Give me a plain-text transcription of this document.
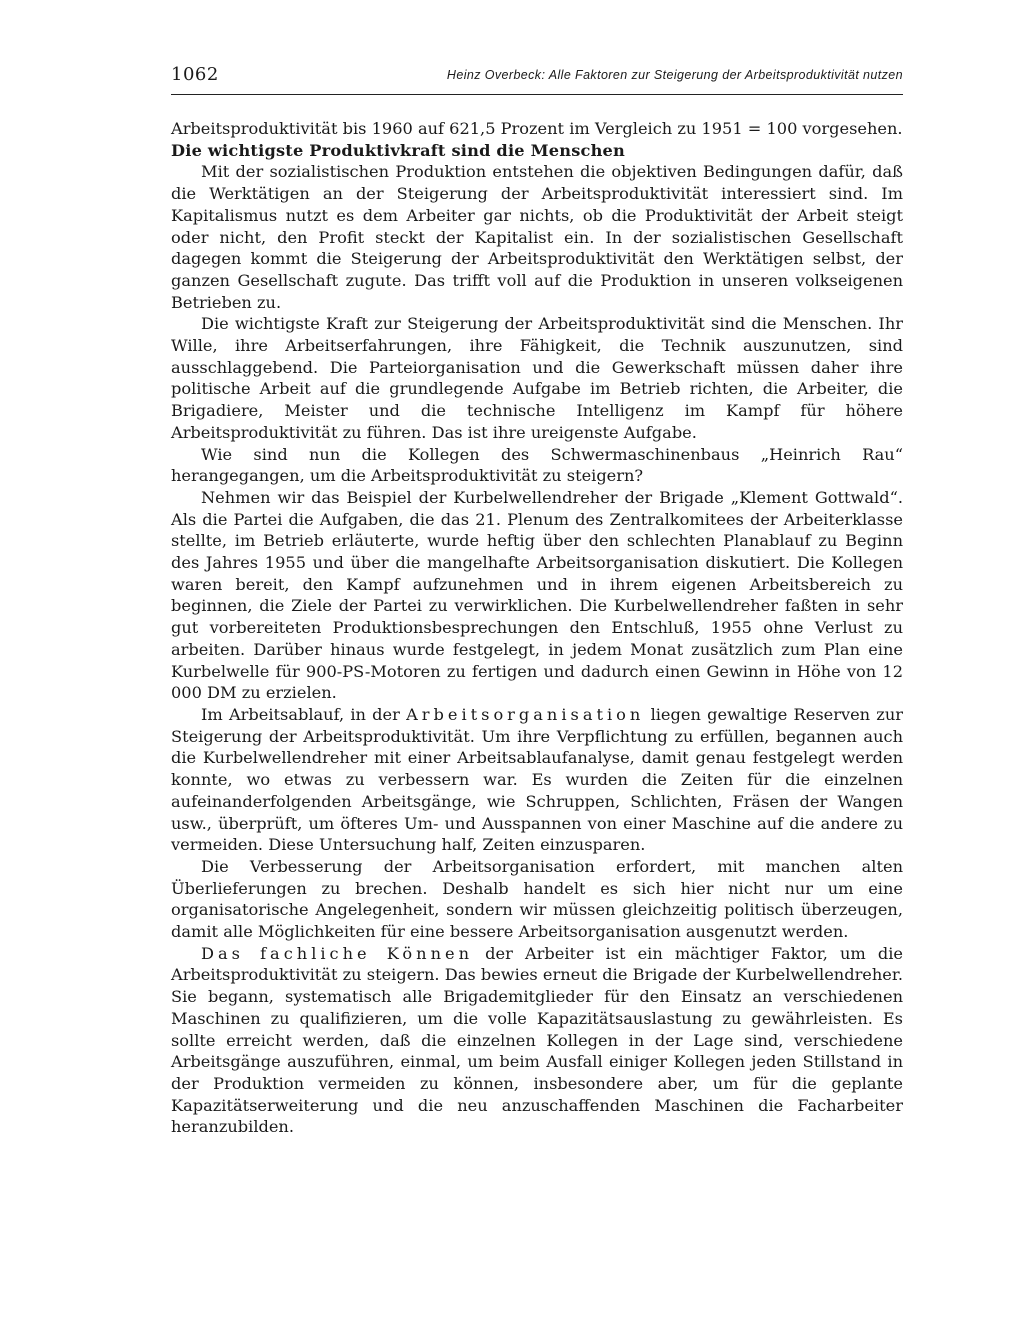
1062	Heinz Overbeck: Alle Faktoren zur Steigerung der Arbeitsproduktivität nutzen

Arbeitsproduktivität bis 1960 auf 621,5 Prozent im Vergleich zu 1951 = 100 vorgesehen.

Die wichtigste Produktivkraft sind die Menschen

Mit der sozialistischen Produktion entstehen die objektiven Bedingungen dafür, daß die Werktätigen an der Steigerung der Arbeitsproduktivität interessiert sind. Im Kapitalismus nutzt es dem Arbeiter gar nichts, ob die Produktivität der Arbeit steigt oder nicht, den Profit steckt der Kapitalist ein. In der sozialistischen Gesellschaft dagegen kommt die Steigerung der Arbeitsproduktivität den Werktätigen selbst, der ganzen Gesellschaft zugute. Das trifft voll auf die Produktion in unseren volkseigenen Betrieben zu.

Die wichtigste Kraft zur Steigerung der Arbeitsproduktivität sind die Menschen. Ihr Wille, ihre Arbeitserfahrungen, ihre Fähigkeit, die Technik auszunutzen, sind ausschlaggebend. Die Parteiorganisation und die Gewerkschaft müssen daher ihre politische Arbeit auf die grundlegende Aufgabe im Betrieb richten, die Arbeiter, die Brigadiere, Meister und die technische Intelligenz im Kampf für höhere Arbeitsproduktivität zu führen. Das ist ihre ureigenste Aufgabe.

Wie sind nun die Kollegen des Schwermaschinenbaus „Heinrich Rau“ herangegangen, um die Arbeitsproduktivität zu steigern?

Nehmen wir das Beispiel der Kurbelwellendreher der Brigade „Klement Gottwald“. Als die Partei die Aufgaben, die das 21. Plenum des Zentralkomitees der Arbeiterklasse stellte, im Betrieb erläuterte, wurde heftig über den schlechten Planablauf zu Beginn des Jahres 1955 und über die mangelhafte Arbeitsorganisation diskutiert. Die Kollegen waren bereit, den Kampf aufzunehmen und in ihrem eigenen Arbeitsbereich zu beginnen, die Ziele der Partei zu verwirklichen. Die Kurbelwellendreher faßten in sehr gut vorbereiteten Produktionsbesprechungen den Entschluß, 1955 ohne Verlust zu arbeiten. Darüber hinaus wurde festgelegt, in jedem Monat zusätzlich zum Plan eine Kurbelwelle für 900-PS-Motoren zu fertigen und dadurch einen Gewinn in Höhe von 12 000 DM zu erzielen.

Im Arbeitsablauf, in der Arbeitsorganisation liegen gewaltige Reserven zur Steigerung der Arbeitsproduktivität. Um ihre Verpflichtung zu erfüllen, begannen auch die Kurbelwellendreher mit einer Arbeitsablaufanalyse, damit genau festgelegt werden konnte, wo etwas zu verbessern war. Es wurden die Zeiten für die einzelnen aufeinanderfolgenden Arbeitsgänge, wie Schruppen, Schlichten, Fräsen der Wangen usw., überprüft, um öfteres Um- und Ausspannen von einer Maschine auf die andere zu vermeiden. Diese Untersuchung half, Zeiten einzusparen.

Die Verbesserung der Arbeitsorganisation erfordert, mit manchen alten Überlieferungen zu brechen. Deshalb handelt es sich hier nicht nur um eine organisatorische Angelegenheit, sondern wir müssen gleichzeitig politisch überzeugen, damit alle Möglichkeiten für eine bessere Arbeitsorganisation ausgenutzt werden.

Das fachliche Können der Arbeiter ist ein mächtiger Faktor, um die Arbeitsproduktivität zu steigern. Das bewies erneut die Brigade der Kurbelwellendreher. Sie begann, systematisch alle Brigademitglieder für den Einsatz an verschiedenen Maschinen zu qualifizieren, um die volle Kapazitätsauslastung zu gewährleisten. Es sollte erreicht werden, daß die einzelnen Kollegen in der Lage sind, verschiedene Arbeitsgänge auszuführen, einmal, um beim Ausfall einiger Kollegen jeden Stillstand in der Produktion vermeiden zu können, insbesondere aber, um für die geplante Kapazitätserweiterung und die neu anzuschaffenden Maschinen die Facharbeiter heranzubilden.
